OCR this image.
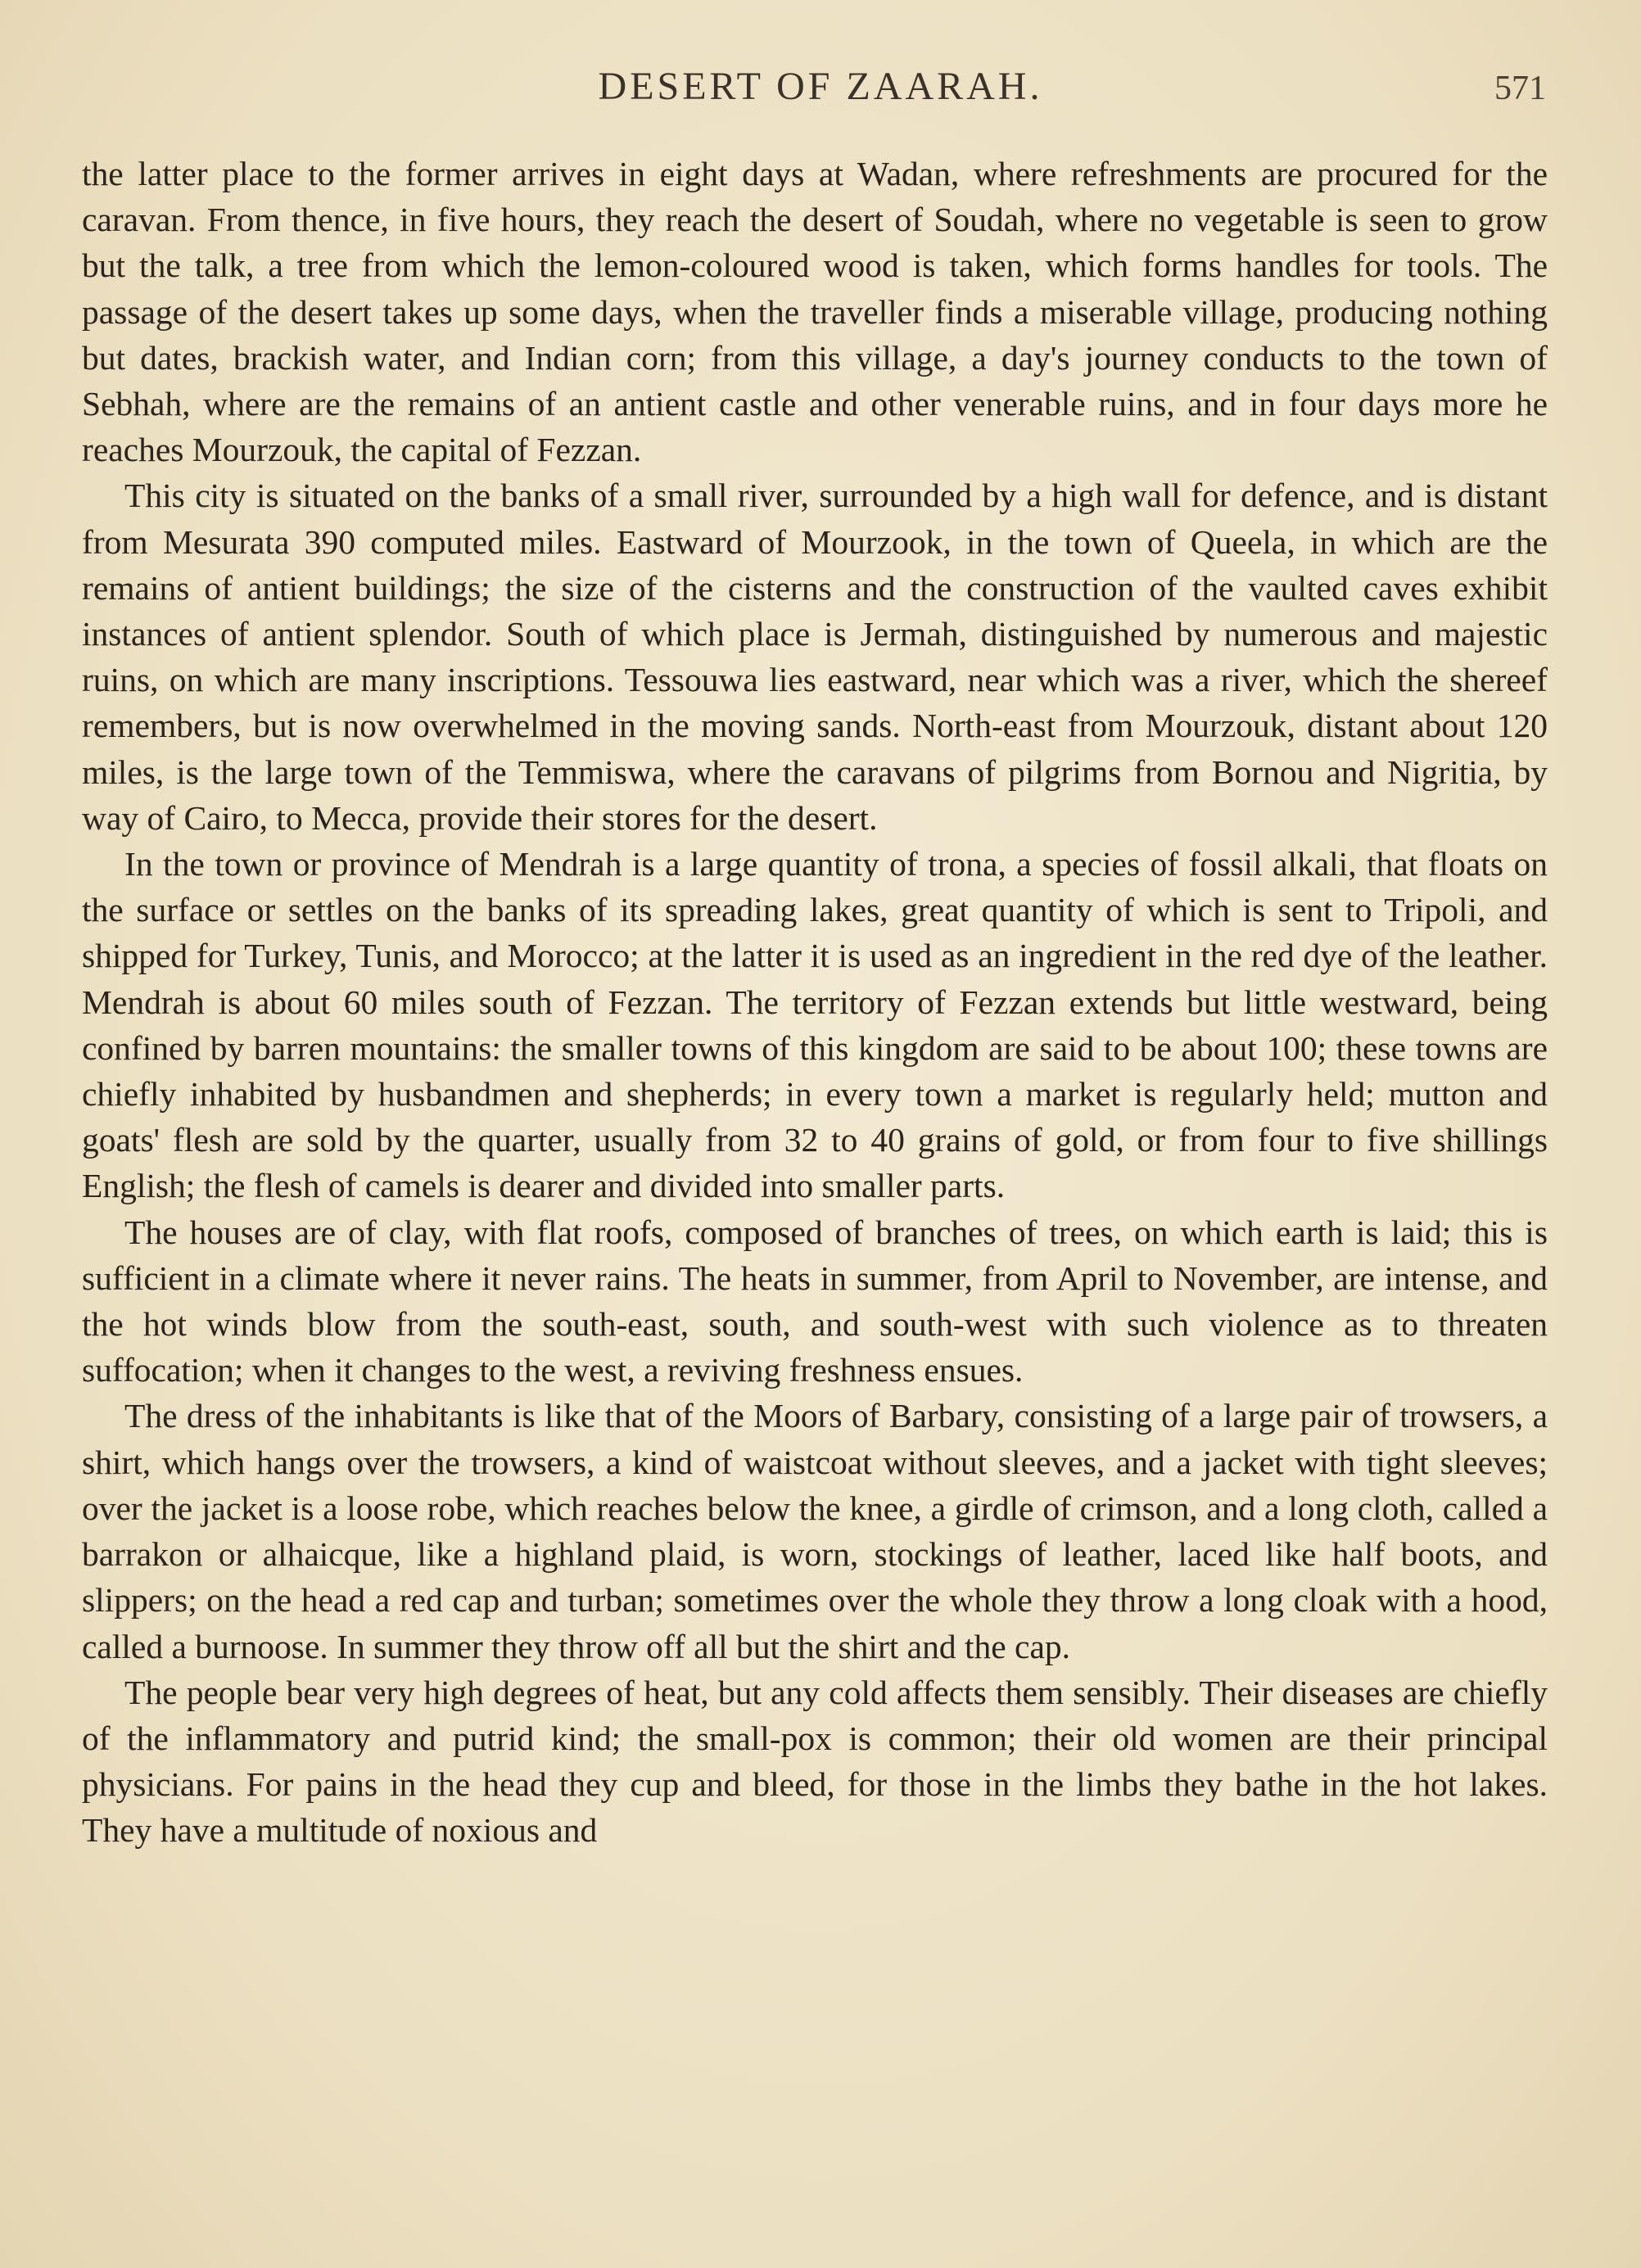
DESERT OF ZAARAH.	571

the latter place to the former arrives in eight days at Wadan, where refreshments are procured for the caravan. From thence, in five hours, they reach the desert of Soudah, where no vegetable is seen to grow but the talk, a tree from which the lemon-coloured wood is taken, which forms handles for tools. The passage of the desert takes up some days, when the traveller finds a miserable village, producing nothing but dates, brackish water, and Indian corn; from this village, a day's journey conducts to the town of Sebhah, where are the remains of an antient castle and other venerable ruins, and in four days more he reaches Mourzouk, the capital of Fezzan.

This city is situated on the banks of a small river, surrounded by a high wall for defence, and is distant from Mesurata 390 computed miles. Eastward of Mourzook, in the town of Queela, in which are the remains of antient buildings; the size of the cisterns and the construction of the vaulted caves exhibit instances of antient splendor. South of which place is Jermah, distinguished by numerous and majestic ruins, on which are many inscriptions. Tessouwa lies eastward, near which was a river, which the shereef remembers, but is now overwhelmed in the moving sands. North-east from Mourzouk, distant about 120 miles, is the large town of the Temmiswa, where the caravans of pilgrims from Bornou and Nigritia, by way of Cairo, to Mecca, provide their stores for the desert.

In the town or province of Mendrah is a large quantity of trona, a species of fossil alkali, that floats on the surface or settles on the banks of its spreading lakes, great quantity of which is sent to Tripoli, and shipped for Turkey, Tunis, and Morocco; at the latter it is used as an ingredient in the red dye of the leather. Mendrah is about 60 miles south of Fezzan. The territory of Fezzan extends but little westward, being confined by barren mountains: the smaller towns of this kingdom are said to be about 100; these towns are chiefly inhabited by husbandmen and shepherds; in every town a market is regularly held; mutton and goats' flesh are sold by the quarter, usually from 32 to 40 grains of gold, or from four to five shillings English; the flesh of camels is dearer and divided into smaller parts.

The houses are of clay, with flat roofs, composed of branches of trees, on which earth is laid; this is sufficient in a climate where it never rains. The heats in summer, from April to November, are intense, and the hot winds blow from the south-east, south, and south-west with such violence as to threaten suffocation; when it changes to the west, a reviving freshness ensues.

The dress of the inhabitants is like that of the Moors of Barbary, consisting of a large pair of trowsers, a shirt, which hangs over the trowsers, a kind of waistcoat without sleeves, and a jacket with tight sleeves; over the jacket is a loose robe, which reaches below the knee, a girdle of crimson, and a long cloth, called a barrakon or alhaicque, like a highland plaid, is worn, stockings of leather, laced like half boots, and slippers; on the head a red cap and turban; sometimes over the whole they throw a long cloak with a hood, called a burnoose. In summer they throw off all but the shirt and the cap.

The people bear very high degrees of heat, but any cold affects them sensibly. Their diseases are chiefly of the inflammatory and putrid kind; the small-pox is common; their old women are their principal physicians. For pains in the head they cup and bleed, for those in the limbs they bathe in the hot lakes. They have a multitude of noxious and
